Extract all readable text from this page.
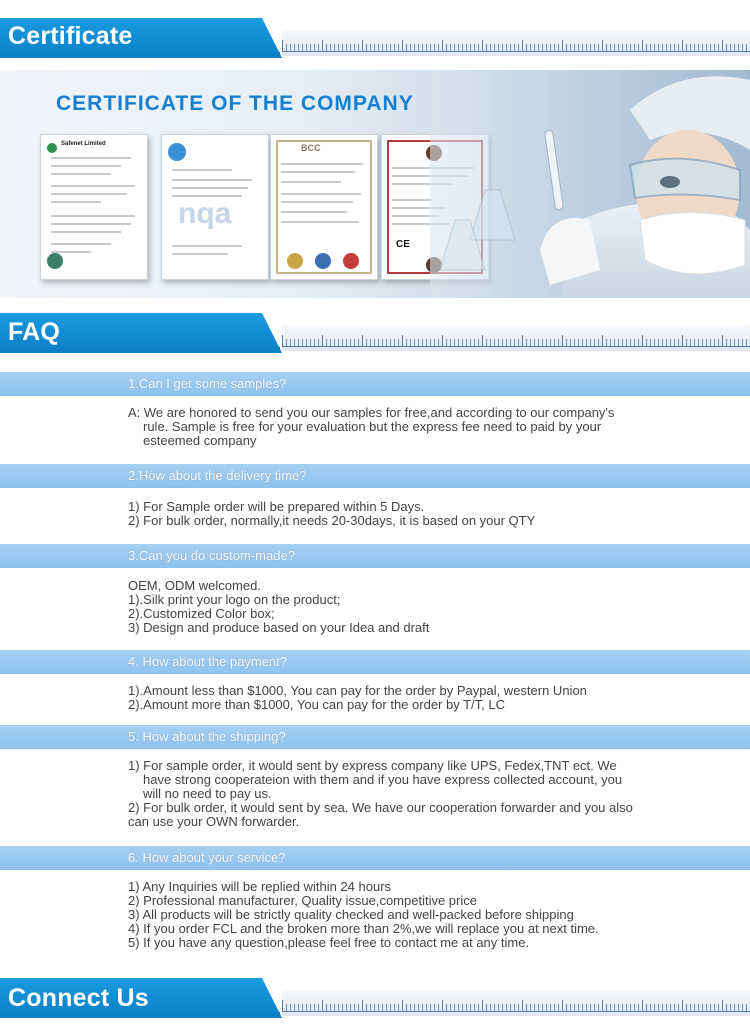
Certificate
CERTIFICATE OF THE COMPANY
Safenet Limited
nqa
BCC
CE
FAQ
1.Can I get some samples?
A: We are honored to send you our samples for free,and according to our company's
rule. Sample is free for your evaluation but the express fee need to paid by your
esteemed company
2.How about the delivery time?
1) For Sample order will be prepared within 5 Days.
2) For bulk order, normally,it needs 20-30days, it is based on your QTY
3.Can you do custom-made?
OEM, ODM welcomed.
1).Silk print your logo on the product;
2).Customized Color box;
3) Design and produce based on your Idea and draft
4. How about the payment?
1).Amount less than $1000, You can pay for the order by Paypal, western Union
2).Amount more than $1000, You can pay for the order by T/T, LC
5. How about the shipping?
1) For sample order, it would sent by express company like UPS, Fedex,TNT ect. We
have strong cooperateion with them and if you have express collected account, you
will no need to pay us.
2) For bulk order, it would sent by sea. We have our cooperation forwarder and you also
can use your OWN forwarder.
6. How about your service?
1) Any Inquiries will be replied within 24 hours
2) Professional manufacturer, Quality issue,competitive price
3) All products will be strictly quality checked and well-packed before shipping
4) If you order FCL and the broken more than 2%,we will replace you at next time.
5) If you have any question,please feel free to contact me at any time.
Connect Us
